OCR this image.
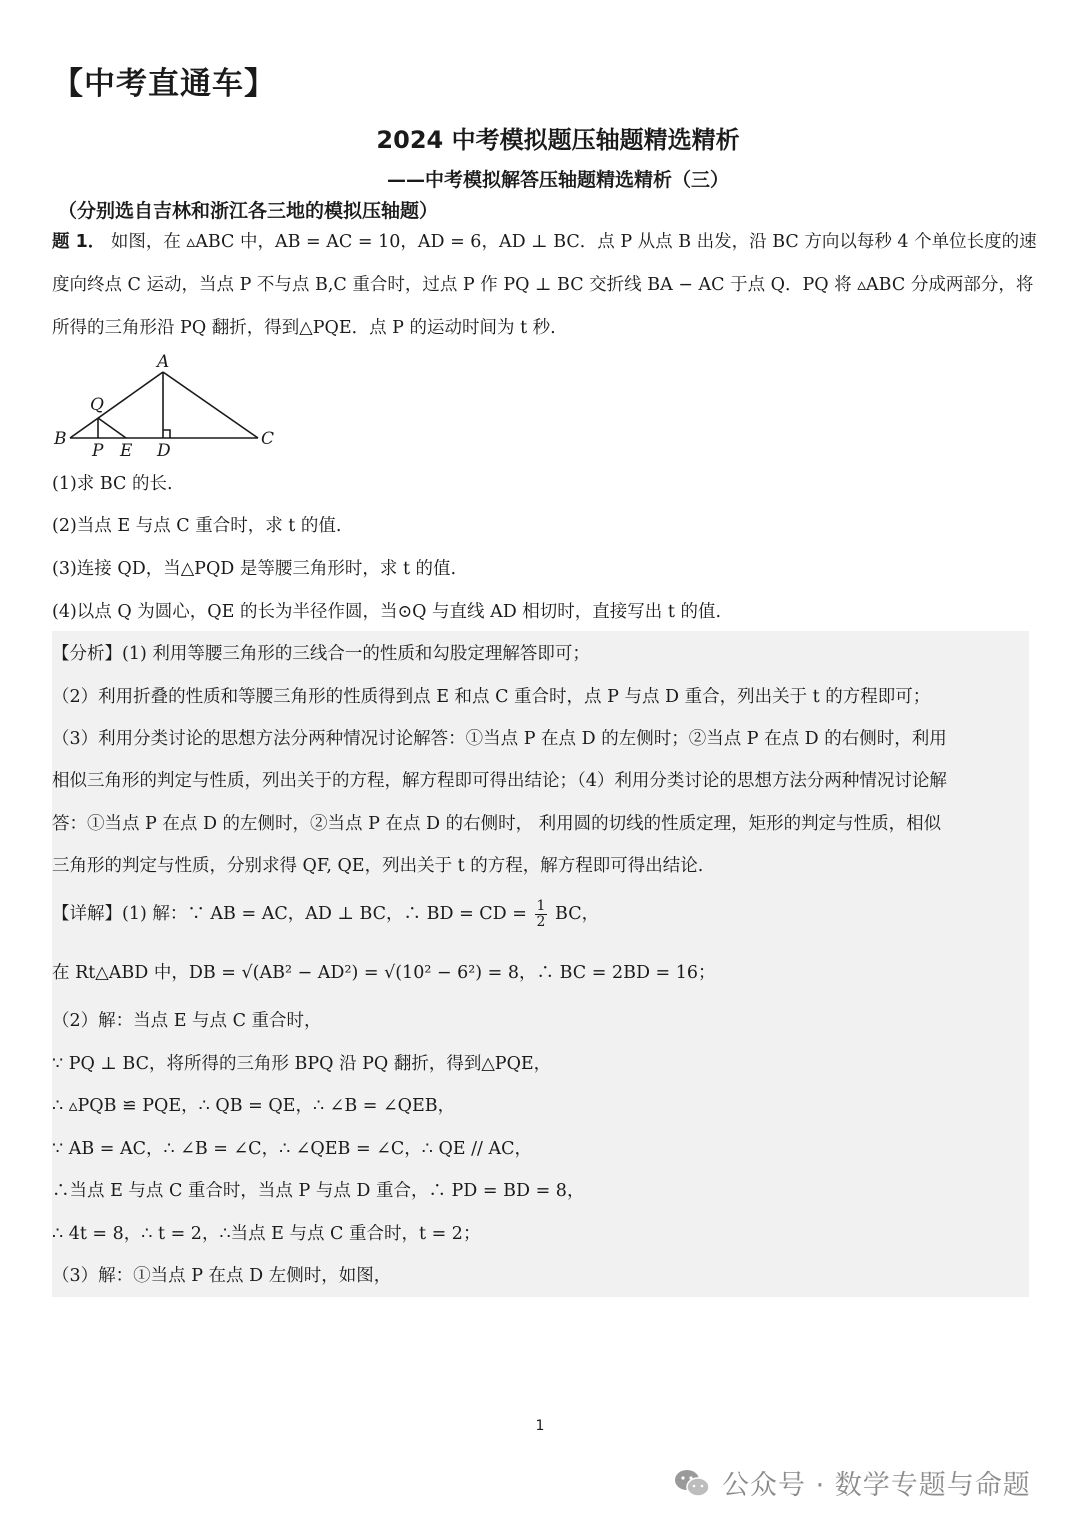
【中考直通车】
2024 中考模拟题压轴题精选精析
——中考模拟解答压轴题精选精析（三）
（分别选自吉林和浙江各三地的模拟压轴题）
题 1． 如图，在 ▵ABC 中，AB = AC = 10，AD = 6，AD ⊥ BC．点 P 从点 B 出发，沿 BC 方向以每秒 4 个单位长度的速
度向终点 C 运动，当点 P 不与点 B,C 重合时，过点 P 作 PQ ⊥ BC 交折线 BA − AC 于点 Q．PQ 将 ▵ABC 分成两部分，将
所得的三角形沿 PQ 翻折，得到△PQE．点 P 的运动时间为 t 秒.
A
Q
B
P E D
C
(1)求 BC 的长.
(2)当点 E 与点 C 重合时，求 t 的值.
(3)连接 QD，当△PQD 是等腰三角形时，求 t 的值.
(4)以点 Q 为圆心，QE 的长为半径作圆，当⊙Q 与直线 AD 相切时，直接写出 t 的值.
【分析】(1) 利用等腰三角形的三线合一的性质和勾股定理解答即可；
（2）利用折叠的性质和等腰三角形的性质得到点 E 和点 C 重合时，点 P 与点 D 重合，列出关于 t 的方程即可；
（3）利用分类讨论的思想方法分两种情况讨论解答：①当点 P 在点 D 的左侧时；②当点 P 在点 D 的右侧时，利用
相似三角形的判定与性质，列出关于的方程，解方程即可得出结论；（4）利用分类讨论的思想方法分两种情况讨论解
答：①当点 P 在点 D 的左侧时，②当点 P 在点 D 的右侧时， 利用圆的切线的性质定理，矩形的判定与性质，相似
三角形的判定与性质，分别求得 QF, QE，列出关于 t 的方程，解方程即可得出结论.
【详解】(1) 解：∵ AB = AC，AD ⊥ BC，∴ BD = CD = $\frac{1}{2}$ BC，
在 Rt△ABD 中，DB = √(AB² − AD²) = √(10² − 6²) = 8，∴ BC = 2BD = 16；
（2）解：当点 E 与点 C 重合时，
∵ PQ ⊥ BC，将所得的三角形 BPQ 沿 PQ 翻折，得到△PQE，
∴ ▵PQB ≌ PQE，∴ QB = QE，∴ ∠B = ∠QEB，
∵ AB = AC，∴ ∠B = ∠C，∴ ∠QEB = ∠C，∴ QE // AC，
∴当点 E 与点 C 重合时，当点 P 与点 D 重合，∴ PD = BD = 8，
∴ 4t = 8，∴ t = 2，∴当点 E 与点 C 重合时，t = 2；
（3）解：①当点 P 在点 D 左侧时，如图，
1
公众号 · 数学专题与命题
